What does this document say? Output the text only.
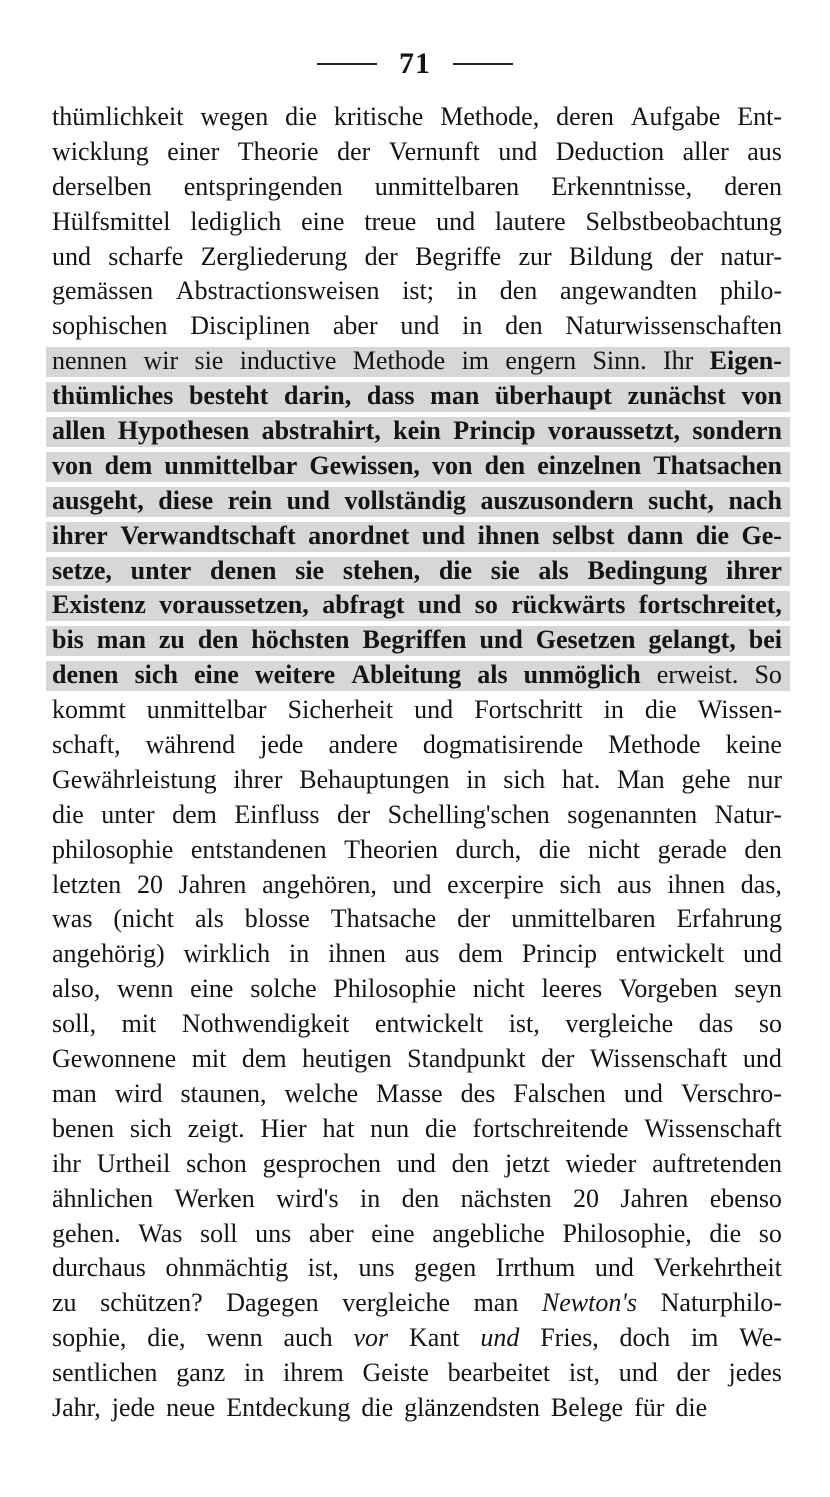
71
thümlichkeit wegen die kritische Methode, deren Aufgabe Ent-
wicklung einer Theorie der Vernunft und Deduction aller aus
derselben entspringenden unmittelbaren Erkenntnisse, deren
Hülfsmittel lediglich eine treue und lautere Selbstbeobachtung
und scharfe Zergliederung der Begriffe zur Bildung der natur-
gemässen Abstractionsweisen ist; in den angewandten philo-
sophischen Disciplinen aber und in den Naturwissenschaften
nennen wir sie inductive Methode im engern Sinn. Ihr Eigen-
thümliches besteht darin, dass man überhaupt zunächst von
allen Hypothesen abstrahirt, kein Princip voraussetzt, sondern
von dem unmittelbar Gewissen, von den einzelnen Thatsachen
ausgeht, diese rein und vollständig auszusondern sucht, nach
ihrer Verwandtschaft anordnet und ihnen selbst dann die Ge-
setze, unter denen sie stehen, die sie als Bedingung ihrer
Existenz voraussetzen, abfragt und so rückwärts fortschreitet,
bis man zu den höchsten Begriffen und Gesetzen gelangt, bei
denen sich eine weitere Ableitung als unmöglich erweist. So
kommt unmittelbar Sicherheit und Fortschritt in die Wissen-
schaft, während jede andere dogmatisirende Methode keine
Gewährleistung ihrer Behauptungen in sich hat. Man gehe nur
die unter dem Einfluss der Schelling'schen sogenannten Natur-
philosophie entstandenen Theorien durch, die nicht gerade den
letzten 20 Jahren angehören, und excerpire sich aus ihnen das,
was (nicht als blosse Thatsache der unmittelbaren Erfahrung
angehörig) wirklich in ihnen aus dem Princip entwickelt und
also, wenn eine solche Philosophie nicht leeres Vorgeben seyn
soll, mit Nothwendigkeit entwickelt ist, vergleiche das so
Gewonnene mit dem heutigen Standpunkt der Wissenschaft und
man wird staunen, welche Masse des Falschen und Verschro-
benen sich zeigt. Hier hat nun die fortschreitende Wissenschaft
ihr Urtheil schon gesprochen und den jetzt wieder auftretenden
ähnlichen Werken wird's in den nächsten 20 Jahren ebenso
gehen. Was soll uns aber eine angebliche Philosophie, die so
durchaus ohnmächtig ist, uns gegen Irrthum und Verkehrtheit
zu schützen? Dagegen vergleiche man Newton's Naturphilo-
sophie, die, wenn auch vor Kant und Fries, doch im We-
sentlichen ganz in ihrem Geiste bearbeitet ist, und der jedes
Jahr, jede neue Entdeckung die glänzendsten Belege für die
